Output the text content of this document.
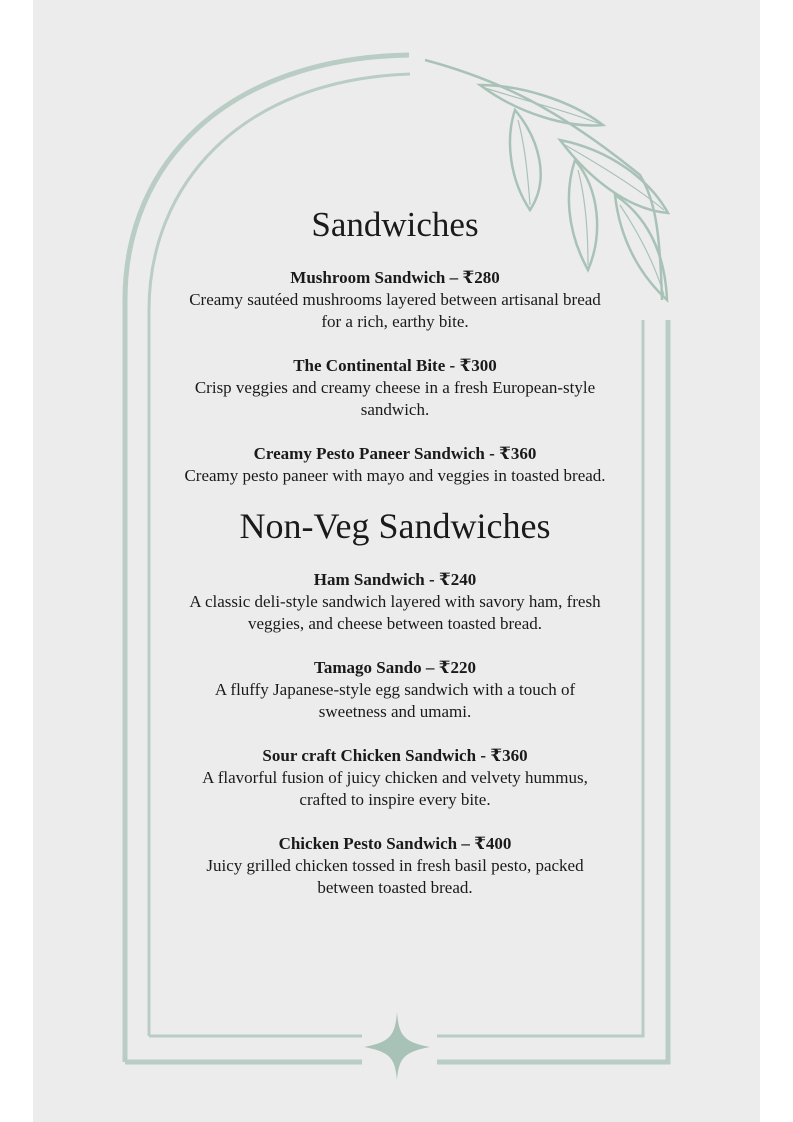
Sandwiches
Mushroom Sandwich – ₹280
Creamy sautéed mushrooms layered between artisanal bread for a rich, earthy bite.
The Continental Bite - ₹300
Crisp veggies and creamy cheese in a fresh European-style sandwich.
Creamy Pesto Paneer Sandwich - ₹360
Creamy pesto paneer with mayo and veggies in toasted bread.
Non-Veg Sandwiches
Ham Sandwich - ₹240
A classic deli-style sandwich layered with savory ham, fresh veggies, and cheese between toasted bread.
Tamago Sando – ₹220
A fluffy Japanese-style egg sandwich with a touch of sweetness and umami.
Sour craft Chicken Sandwich - ₹360
A flavorful fusion of juicy chicken and velvety hummus, crafted to inspire every bite.
Chicken Pesto Sandwich – ₹400
Juicy grilled chicken tossed in fresh basil pesto, packed between toasted bread.
